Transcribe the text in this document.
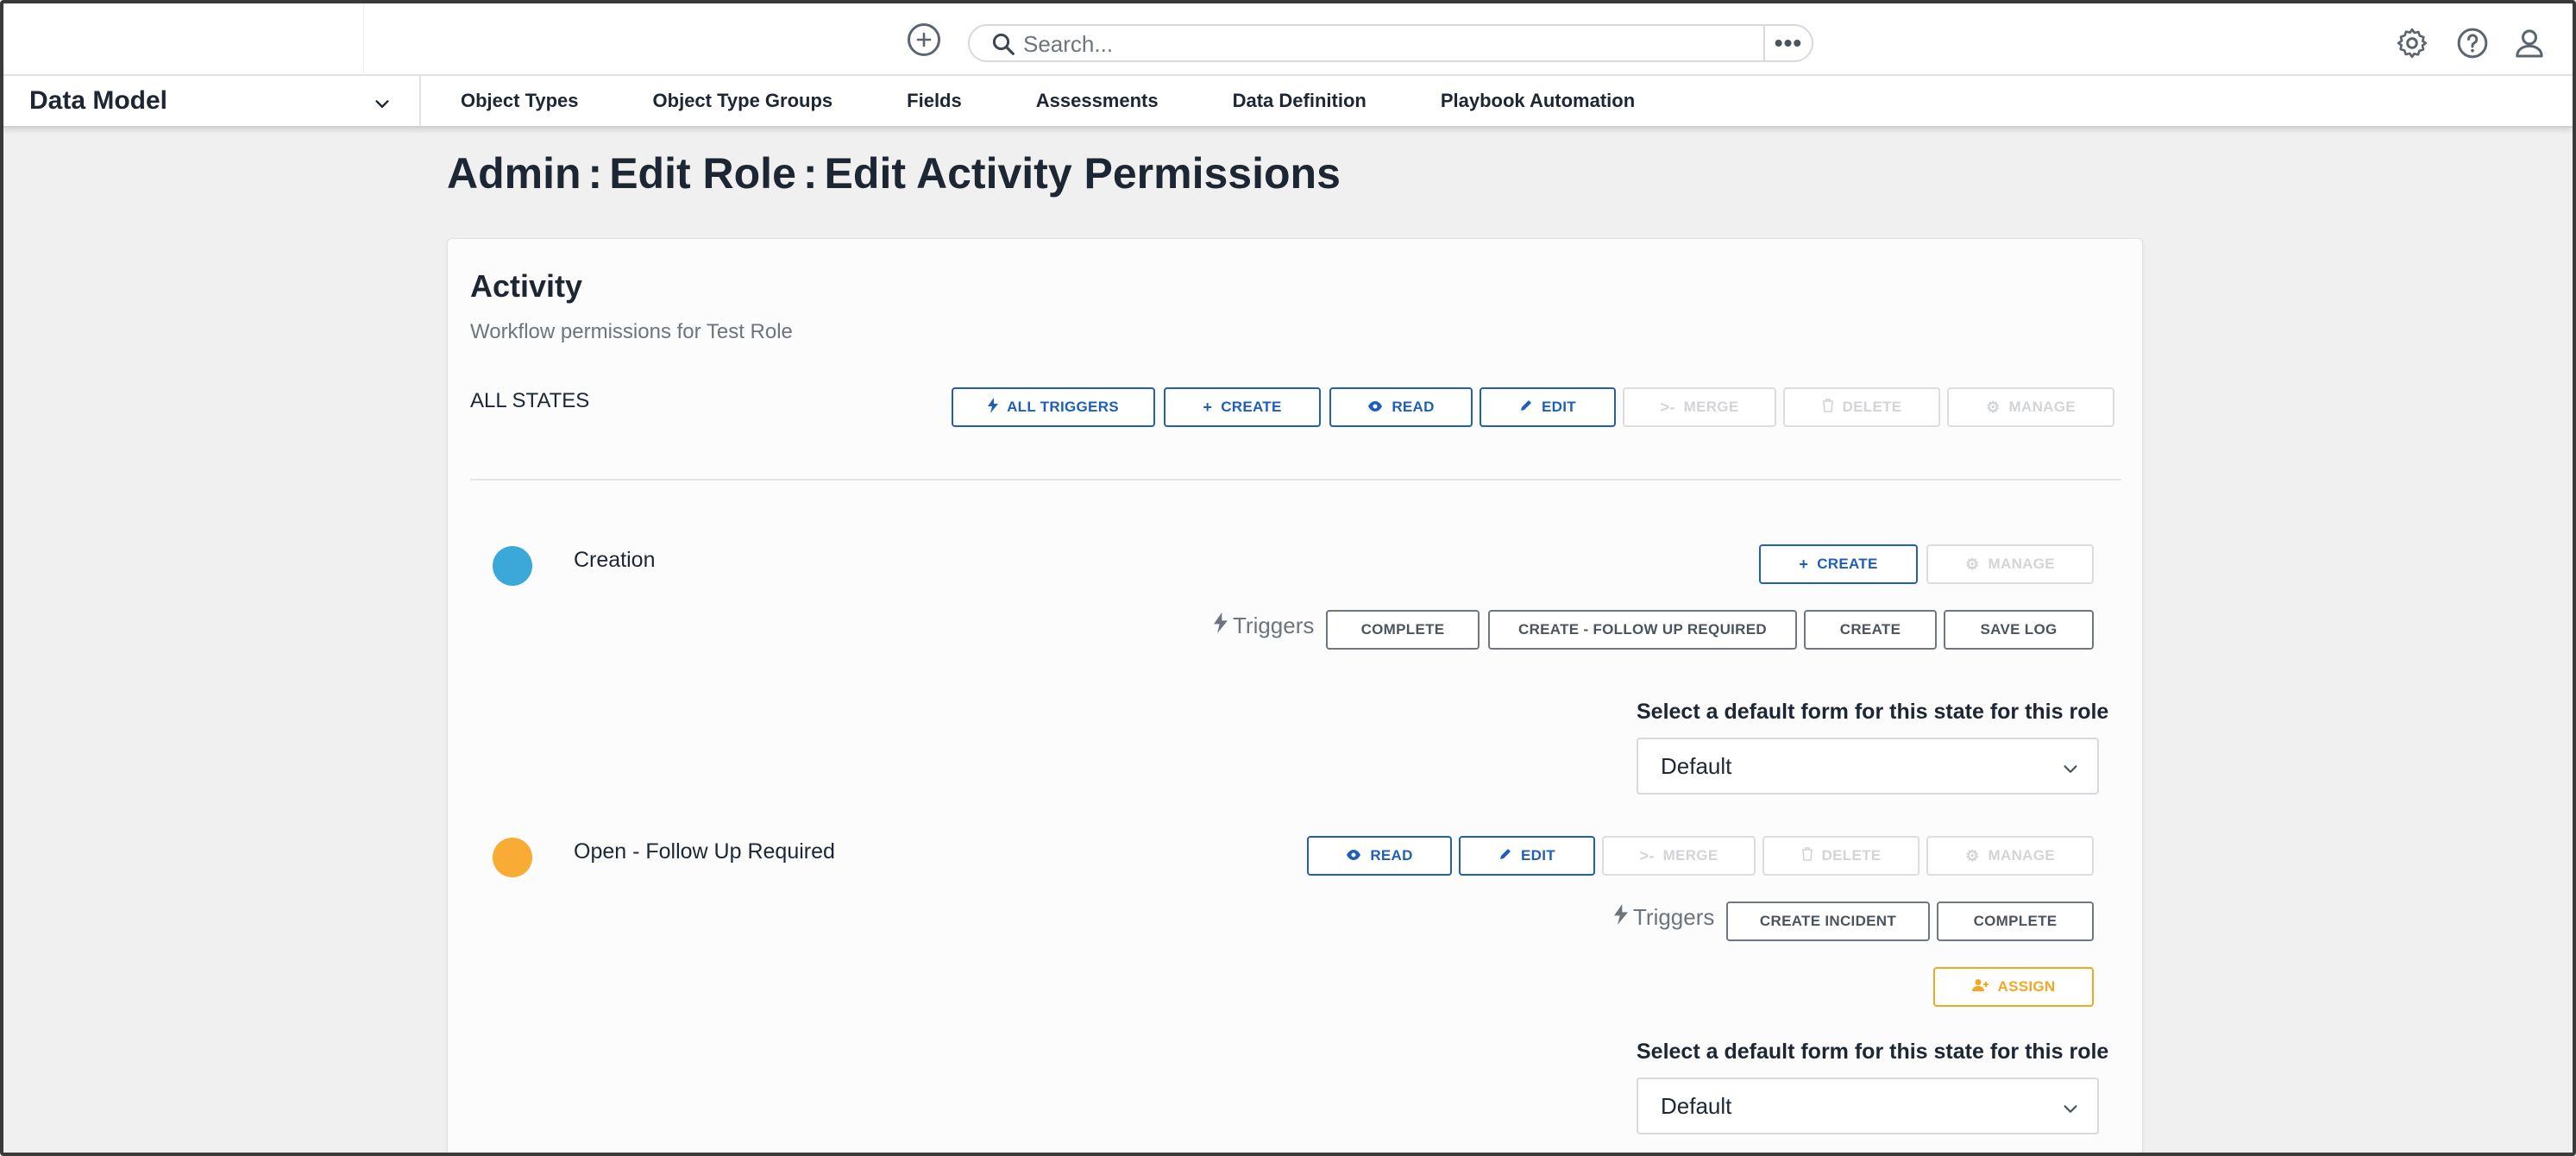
Search...
•••
Data Model	Object Types	Object Type Groups	Fields	Assessments	Data Definition	Playbook Automation
Admin : Edit Role : Edit Activity Permissions
Activity
Workflow permissions for Test Role
ALL STATES	ALL TRIGGERS	+ CREATE	READ	EDIT	>- MERGE	DELETE	⚙ MANAGE
Creation	+ CREATE	⚙ MANAGE
Triggers	COMPLETE	CREATE - FOLLOW UP REQUIRED	CREATE	SAVE LOG
Select a default form for this state for this role
Default
Open - Follow Up Required	READ	EDIT	>- MERGE	DELETE	⚙ MANAGE
Triggers	CREATE INCIDENT	COMPLETE
ASSIGN
Select a default form for this state for this role
Default
